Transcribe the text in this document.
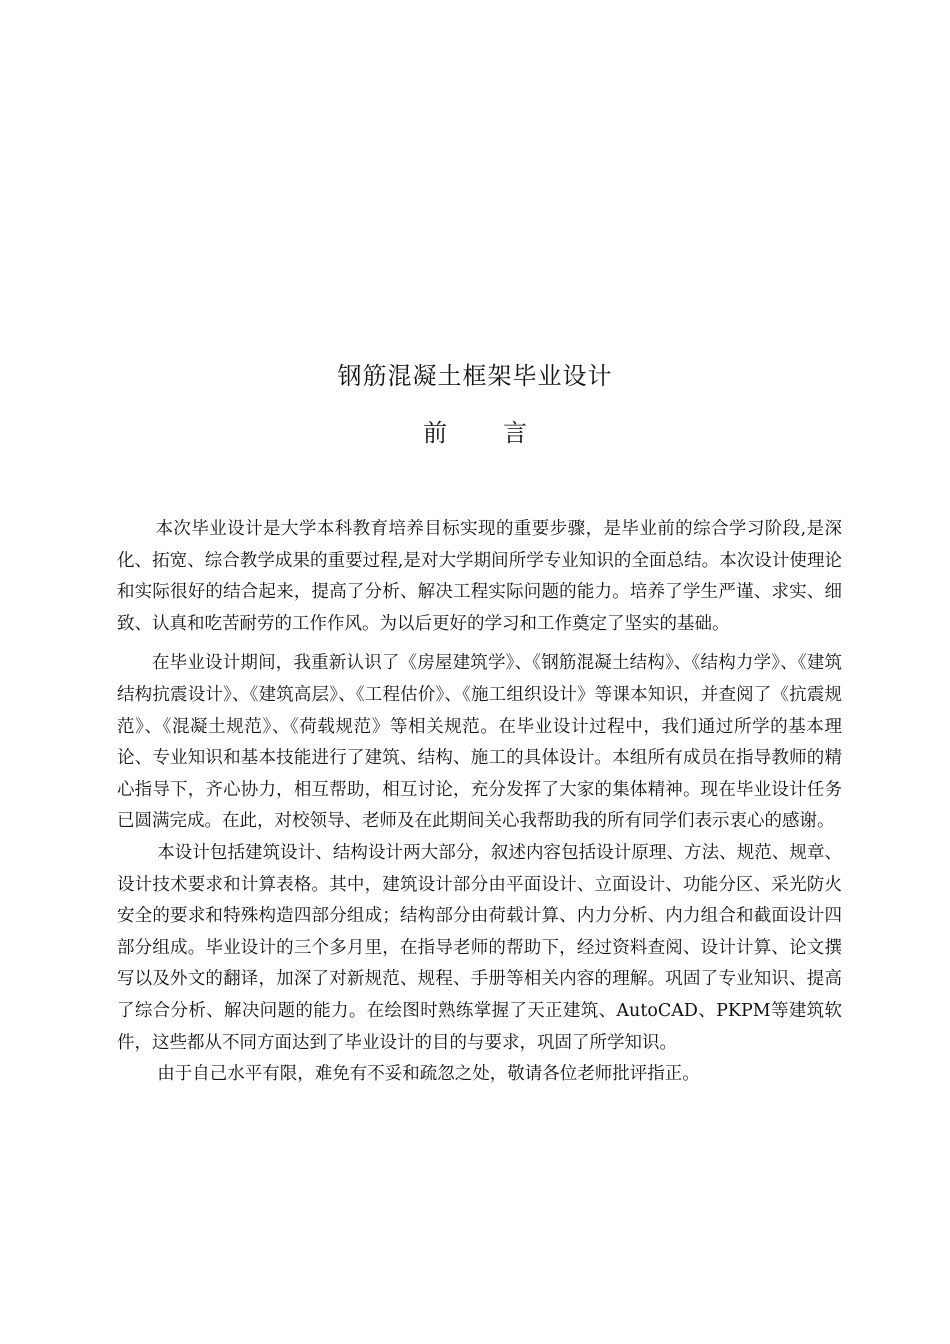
钢筋混凝土框架毕业设计
前 言

本次毕业设计是大学本科教育培养目标实现的重要步骤，是毕业前的综合学习阶段,是深化、拓宽、综合教学成果的重要过程,是对大学期间所学专业知识的全面总结。本次设计使理论和实际很好的结合起来，提高了分析、解决工程实际问题的能力。培养了学生严谨、求实、细致、认真和吃苦耐劳的工作作风。为以后更好的学习和工作奠定了坚实的基础。

在毕业设计期间，我重新认识了《房屋建筑学》、《钢筋混凝土结构》、《结构力学》、《建筑结构抗震设计》、《建筑高层》、《工程估价》、《施工组织设计》等课本知识，并查阅了《抗震规范》、《混凝土规范》、《荷载规范》等相关规范。在毕业设计过程中，我们通过所学的基本理论、专业知识和基本技能进行了建筑、结构、施工的具体设计。本组所有成员在指导教师的精心指导下，齐心协力，相互帮助，相互讨论，充分发挥了大家的集体精神。现在毕业设计任务已圆满完成。在此，对校领导、老师及在此期间关心我帮助我的所有同学们表示衷心的感谢。

本设计包括建筑设计、结构设计两大部分，叙述内容包括设计原理、方法、规范、规章、设计技术要求和计算表格。其中，建筑设计部分由平面设计、立面设计、功能分区、采光防火安全的要求和特殊构造四部分组成；结构部分由荷载计算、内力分析、内力组合和截面设计四部分组成。毕业设计的三个多月里，在指导老师的帮助下，经过资料查阅、设计计算、论文撰写以及外文的翻译，加深了对新规范、规程、手册等相关内容的理解。巩固了专业知识、提高了综合分析、解决问题的能力。在绘图时熟练掌握了天正建筑、AutoCAD、PKPM等建筑软件，这些都从不同方面达到了毕业设计的目的与要求，巩固了所学知识。

由于自己水平有限，难免有不妥和疏忽之处，敬请各位老师批评指正。
